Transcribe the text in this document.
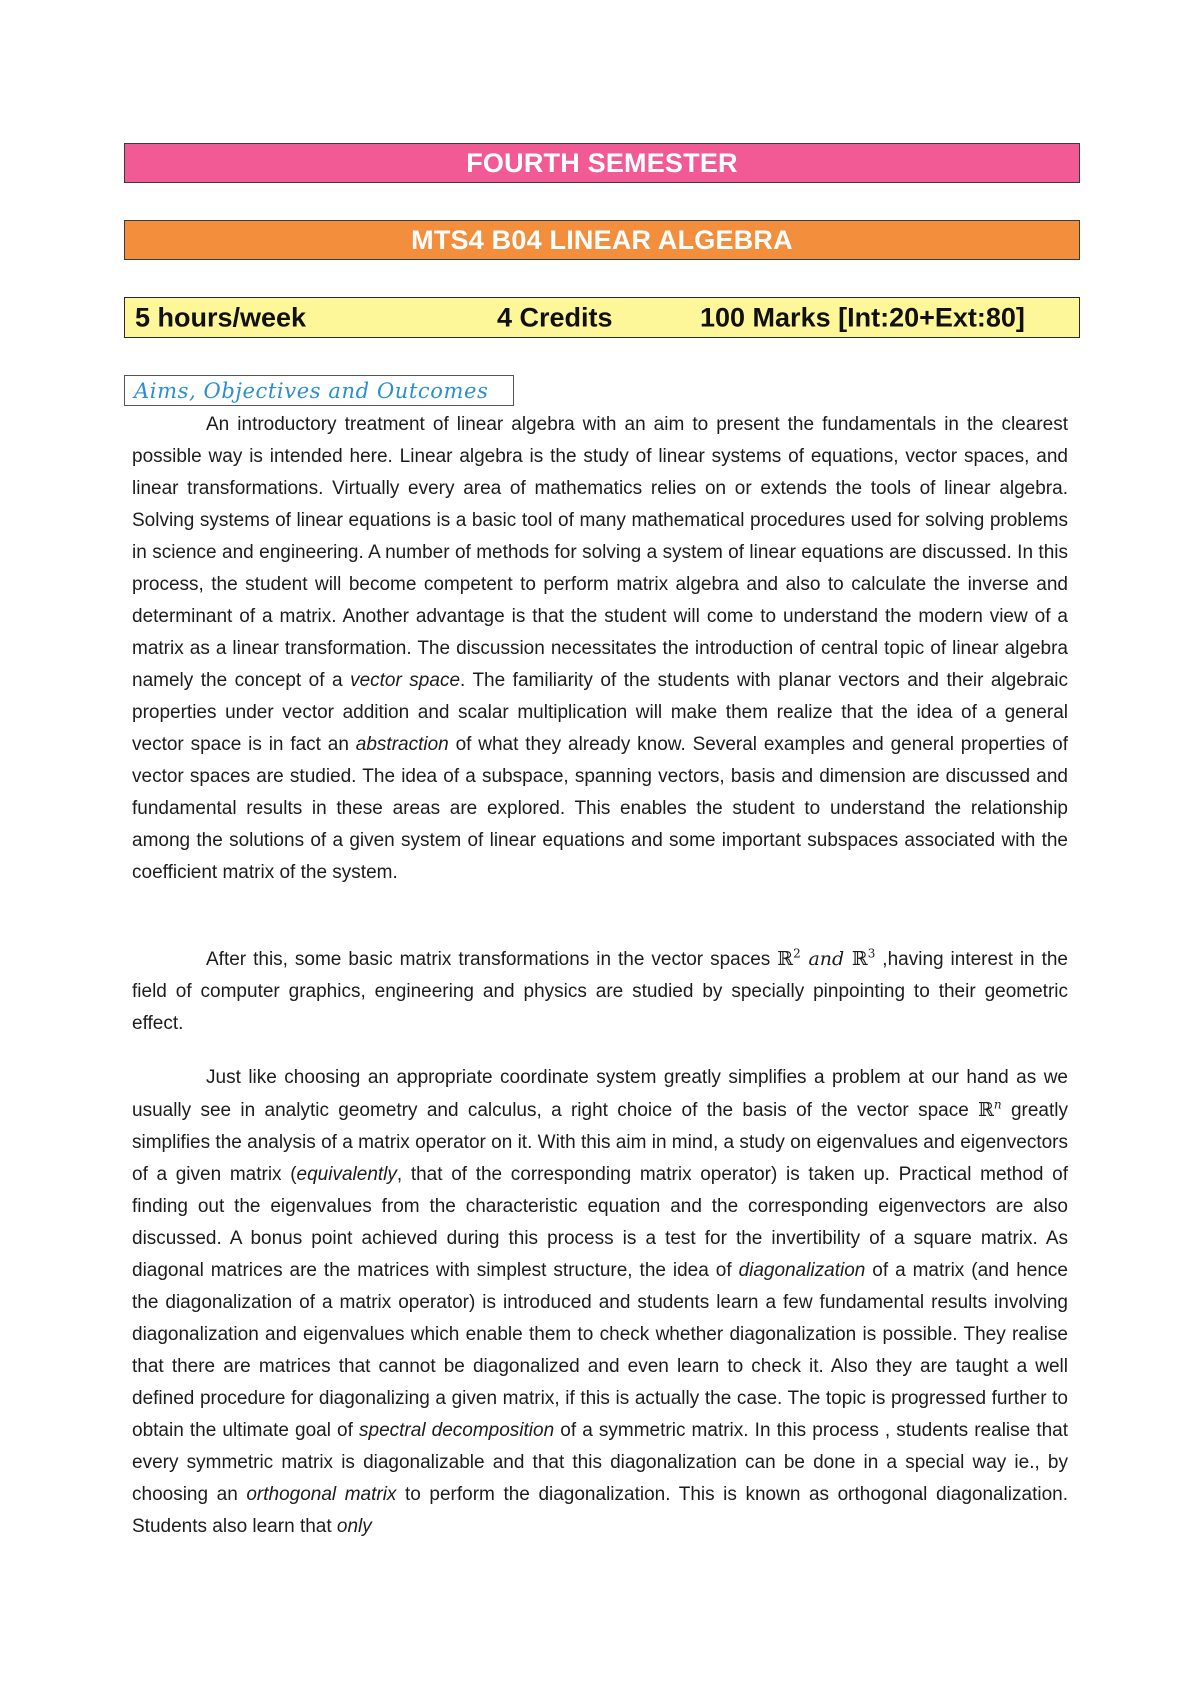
FOURTH SEMESTER
MTS4 B04 LINEAR ALGEBRA
5 hours/week	4 Credits	100 Marks [Int:20+Ext:80]
Aims, Objectives and Outcomes

An introductory treatment of linear algebra with an aim to present the fundamentals in the clearest possible way is intended here. Linear algebra is the study of linear systems of equations, vector spaces, and linear transformations. Virtually every area of mathematics relies on or extends the tools of linear algebra. Solving systems of linear equations is a basic tool of many mathematical procedures used for solving problems in science and engineering. A number of methods for solving a system of linear equations are discussed. In this process, the student will become competent to perform matrix algebra and also to calculate the inverse and determinant of a matrix. Another advantage is that the student will come to understand the modern view of a matrix as a linear transformation. The discussion necessitates the introduction of central topic of linear algebra namely the concept of a vector space. The familiarity of the students with planar vectors and their algebraic properties under vector addition and scalar multiplication will make them realize that the idea of a general vector space is in fact an abstraction of what they already know. Several examples and general properties of vector spaces are studied. The idea of a subspace, spanning vectors, basis and dimension are discussed and fundamental results in these areas are explored. This enables the student to understand the relationship among the solutions of a given system of linear equations and some important subspaces associated with the coefficient matrix of the system.

After this, some basic matrix transformations in the vector spaces ℝ$^2$ and ℝ$^3$ ,having interest in the field of computer graphics, engineering and physics are studied by specially pinpointing to their geometric effect.

Just like choosing an appropriate coordinate system greatly simplifies a problem at our hand as we usually see in analytic geometry and calculus, a right choice of the basis of the vector space ℝ$^n$ greatly simplifies the analysis of a matrix operator on it. With this aim in mind, a study on eigenvalues and eigenvectors of a given matrix (equivalently, that of the corresponding matrix operator) is taken up. Practical method of finding out the eigenvalues from the characteristic equation and the corresponding eigenvectors are also discussed. A bonus point achieved during this process is a test for the invertibility of a square matrix. As diagonal matrices are the matrices with simplest structure, the idea of diagonalization of a matrix (and hence the diagonalization of a matrix operator) is introduced and students learn a few fundamental results involving diagonalization and eigenvalues which enable them to check whether diagonalization is possible. They realise that there are matrices that cannot be diagonalized and even learn to check it. Also they are taught a well defined procedure for diagonalizing a given matrix, if this is actually the case. The topic is progressed further to obtain the ultimate goal of spectral decomposition of a symmetric matrix. In this process , students realise that every symmetric matrix is diagonalizable and that this diagonalization can be done in a special way ie., by choosing an orthogonal matrix to perform the diagonalization. This is known as orthogonal diagonalization. Students also learn that only
